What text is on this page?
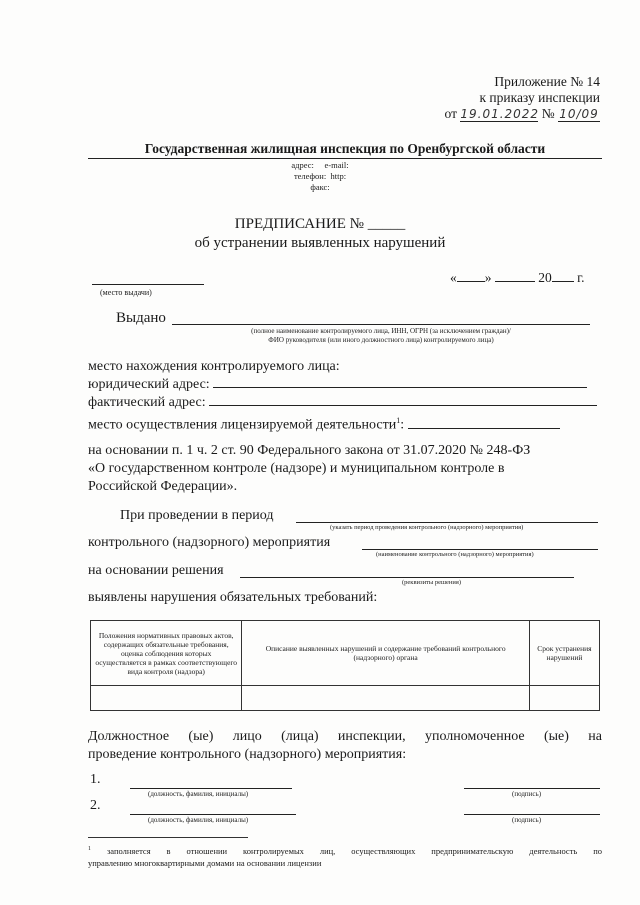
Приложение № 14
к приказу инспекции
от 19.01.2022 № 10/09
Государственная жилищная инспекция по Оренбургской области
адрес: e-mail:
телефон: http:
факс:
ПРЕДПИСАНИЕ № _____
об устранении выявленных нарушений
(место выдачи)
« »	20 г.
Выдано
(полное наименование контролируемого лица, ИНН, ОГРН (за исключением граждан)/
ФИО руководителя (или иного должностного лица) контролируемого лица)
место нахождения контролируемого лица:
юридический адрес:
фактический адрес:
место осуществления лицензируемой деятельности$^1$:
на основании п. 1 ч. 2 ст. 90 Федерального закона от 31.07.2020 № 248-ФЗ
«О государственном контроле (надзоре) и муниципальном контроле в
Российской Федерации».
При проведении в период
(указать период проведения контрольного (надзорного) мероприятия)
контрольного (надзорного) мероприятия
(наименование контрольного (надзорного) мероприятия)
на основании решения
(реквизиты решения)
выявлены нарушения обязательных требований:
Положения нормативных правовых актов, содержащих обязательные требования, оценка соблюдения которых осуществляется в рамках соответствующего вида контроля (надзора)	Описание выявленных нарушений и содержание требований контрольного (надзорного) органа	Срок устранения нарушений

Должностное (ые) лицо (лица) инспекции, уполномоченное (ые) на
проведение контрольного (надзорного) мероприятия:
1.
(должность, фамилия, инициалы)	(подпись)
2.
(должность, фамилия, инициалы)	(подпись)
$^1$ заполняется в отношении контролируемых лиц, осуществляющих предпринимательскую деятельность по
управлению многоквартирными домами на основании лицензии
